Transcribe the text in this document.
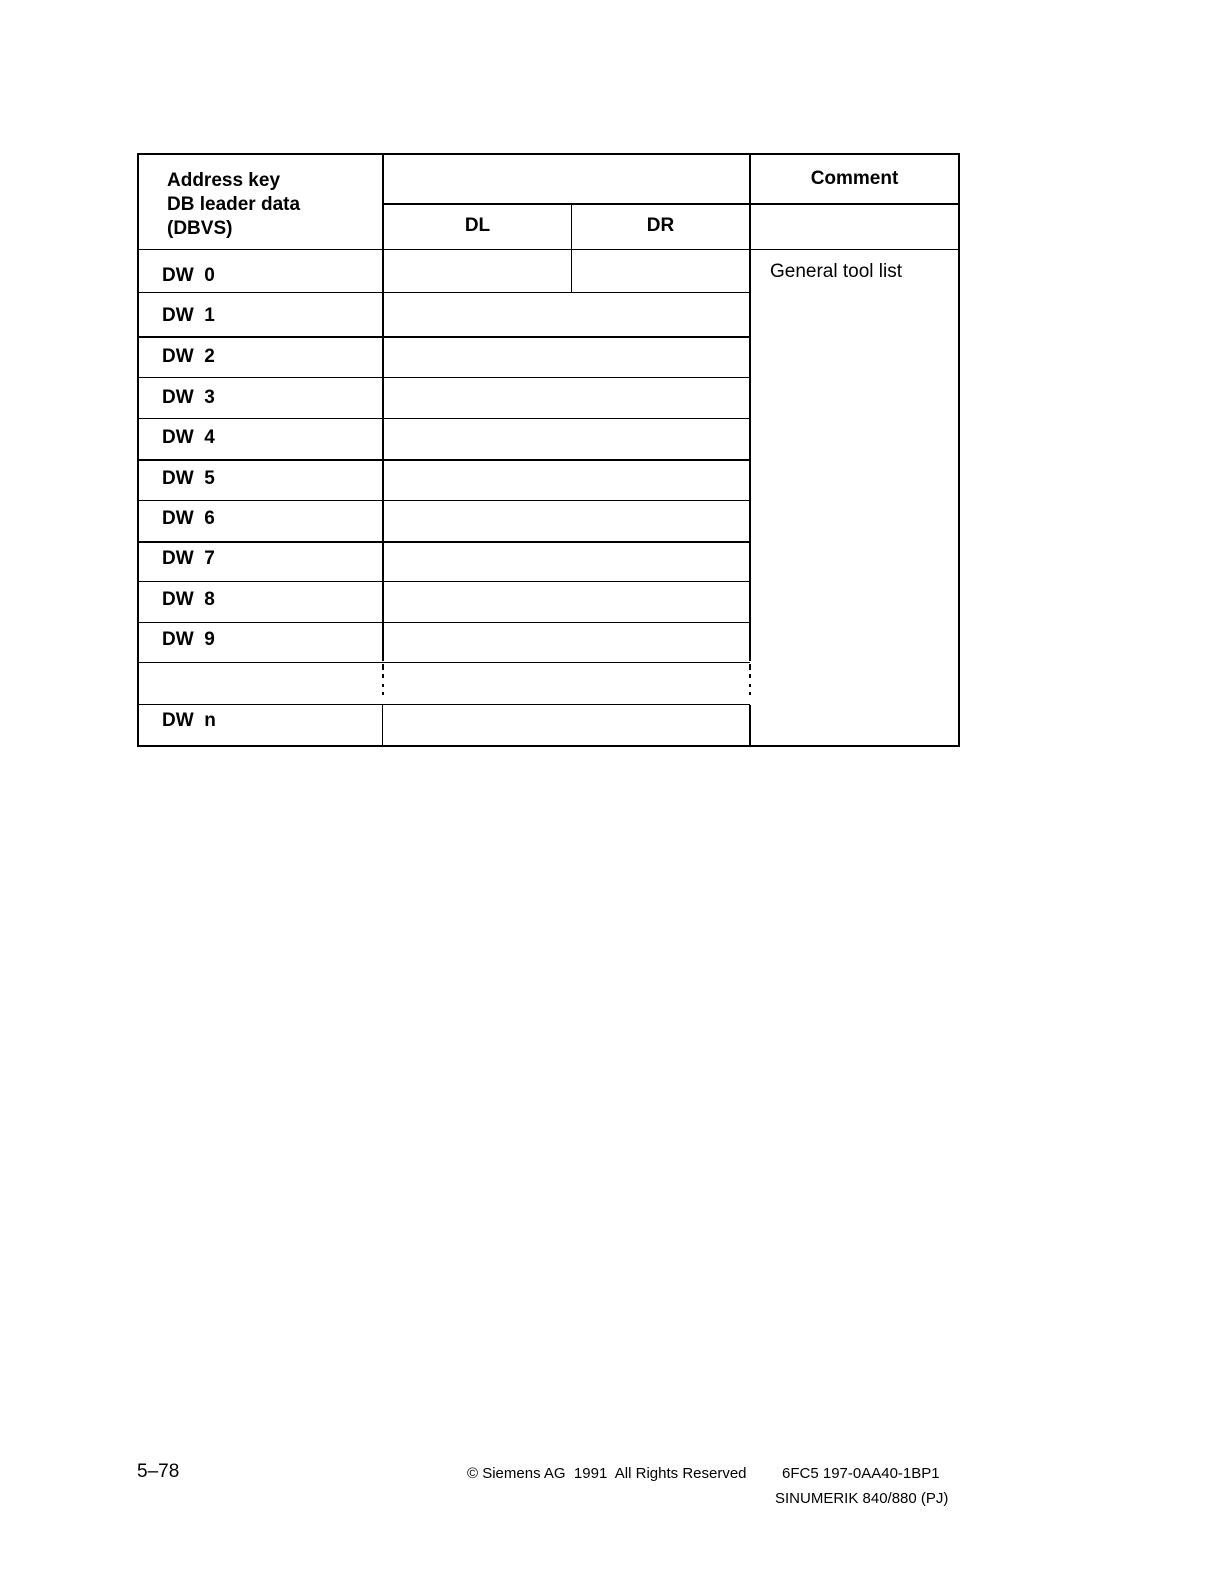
Address key
DB leader data
(DBVS)
Comment
DL	DR
DW  0
DW  1
DW  2
DW  3
DW  4
DW  5
DW  6
DW  7
DW  8
DW  9
DW  n
General tool list
5–78	© Siemens AG  1991  All Rights Reserved 6FC5 197-0AA40-1BP1
SINUMERIK 840/880 (PJ)
